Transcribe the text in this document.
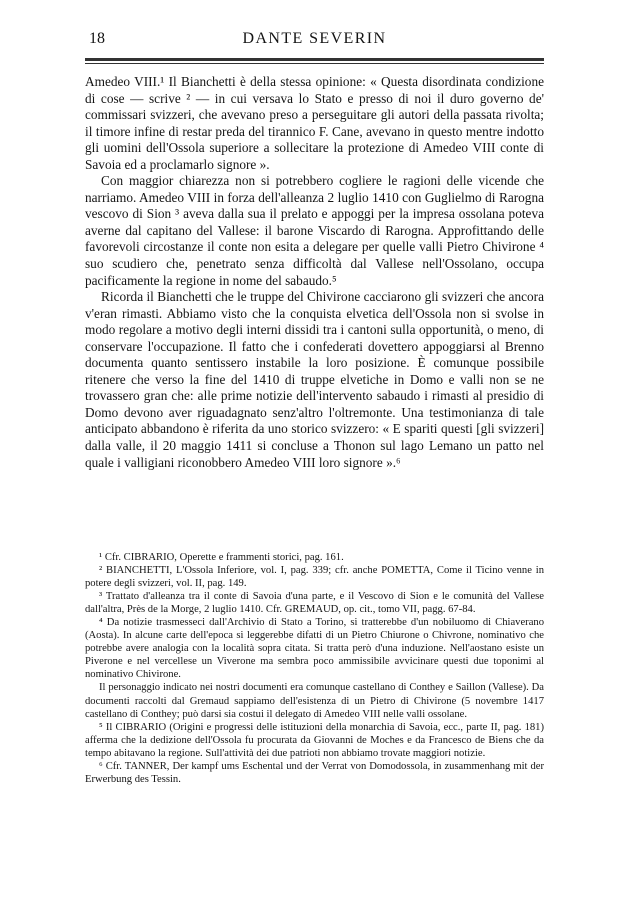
18	DANTE SEVERIN

Amedeo VIII.¹ Il Bianchetti è della stessa opinione: « Questa disordinata condizione di cose — scrive ² — in cui versava lo Stato e presso di noi il duro governo de' commissari svizzeri, che avevano preso a perseguitare gli autori della passata rivolta; il timore infine di restar preda del tirannico F. Cane, avevano in questo mentre indotto gli uomini dell'Ossola superiore a sollecitare la protezione di Amedeo VIII conte di Savoia ed a proclamarlo signore ».

Con maggior chiarezza non si potrebbero cogliere le ragioni delle vicende che narriamo. Amedeo VIII in forza dell'alleanza 2 luglio 1410 con Guglielmo di Rarogna vescovo di Sion ³ aveva dalla sua il prelato e appoggi per la impresa ossolana poteva averne dal capitano del Vallese: il barone Viscardo di Rarogna. Approfittando delle favorevoli circostanze il conte non esita a delegare per quelle valli Pietro Chivirone ⁴ suo scudiero che, penetrato senza difficoltà dal Vallese nell'Ossolano, occupa pacificamente la regione in nome del sabaudo.⁵

Ricorda il Bianchetti che le truppe del Chivirone cacciarono gli svizzeri che ancora v'eran rimasti. Abbiamo visto che la conquista elvetica dell'Ossola non si svolse in modo regolare a motivo degli interni dissidi tra i cantoni sulla opportunità, o meno, di conservare l'occupazione. Il fatto che i confederati dovettero appoggiarsi al Brenno documenta quanto sentissero instabile la loro posizione. È comunque possibile ritenere che verso la fine del 1410 di truppe elvetiche in Domo e valli non se ne trovassero gran che: alle prime notizie dell'intervento sabaudo i rimasti al presidio di Domo devono aver riguadagnato senz'altro l'oltremonte. Una testimonianza di tale anticipato abbandono è riferita da uno storico svizzero: « E spariti questi [gli svizzeri] dalla valle, il 20 maggio 1411 si concluse a Thonon sul lago Lemano un patto nel quale i valligiani riconobbero Amedeo VIII loro signore ».⁶

¹ Cfr. CIBRARIO, Operette e frammenti storici, pag. 161.

² BIANCHETTI, L'Ossola Inferiore, vol. I, pag. 339; cfr. anche POMETTA, Come il Ticino venne in potere degli svizzeri, vol. II, pag. 149.

³ Trattato d'alleanza tra il conte di Savoia d'una parte, e il Vescovo di Sion e le comunità del Vallese dall'altra, Près de la Morge, 2 luglio 1410. Cfr. GREMAUD, op. cit., tomo VII, pagg. 67-84.

⁴ Da notizie trasmesseci dall'Archivio di Stato a Torino, si tratterebbe d'un nobiluomo di Chiaverano (Aosta). In alcune carte dell'epoca si leggerebbe difatti di un Pietro Chiurone o Chivrone, nominativo che potrebbe avere analogia con la località sopra citata. Si tratta però d'una induzione. Nell'aostano esiste un Piverone e nel vercellese un Viverone ma sembra poco ammissibile avvicinare questi due toponimi al nominativo Chivirone.

Il personaggio indicato nei nostri documenti era comunque castellano di Conthey e Saillon (Vallese). Da documenti raccolti dal Gremaud sappiamo dell'esistenza di un Pietro di Chivirone (5 novembre 1417 castellano di Conthey; può darsi sia costui il delegato di Amedeo VIII nelle valli ossolane.

⁵ Il CIBRARIO (Origini e progressi delle istituzioni della monarchia di Savoia, ecc., parte II, pag. 181) afferma che la dedizione dell'Ossola fu procurata da Giovanni de Moches e da Francesco de Biens che da tempo abitavano la regione. Sull'attività dei due patrioti non abbiamo trovate maggiori notizie.

⁶ Cfr. TANNER, Der kampf ums Eschental und der Verrat von Domodossola, in zusammenhang mit der Erwerbung des Tessin.
